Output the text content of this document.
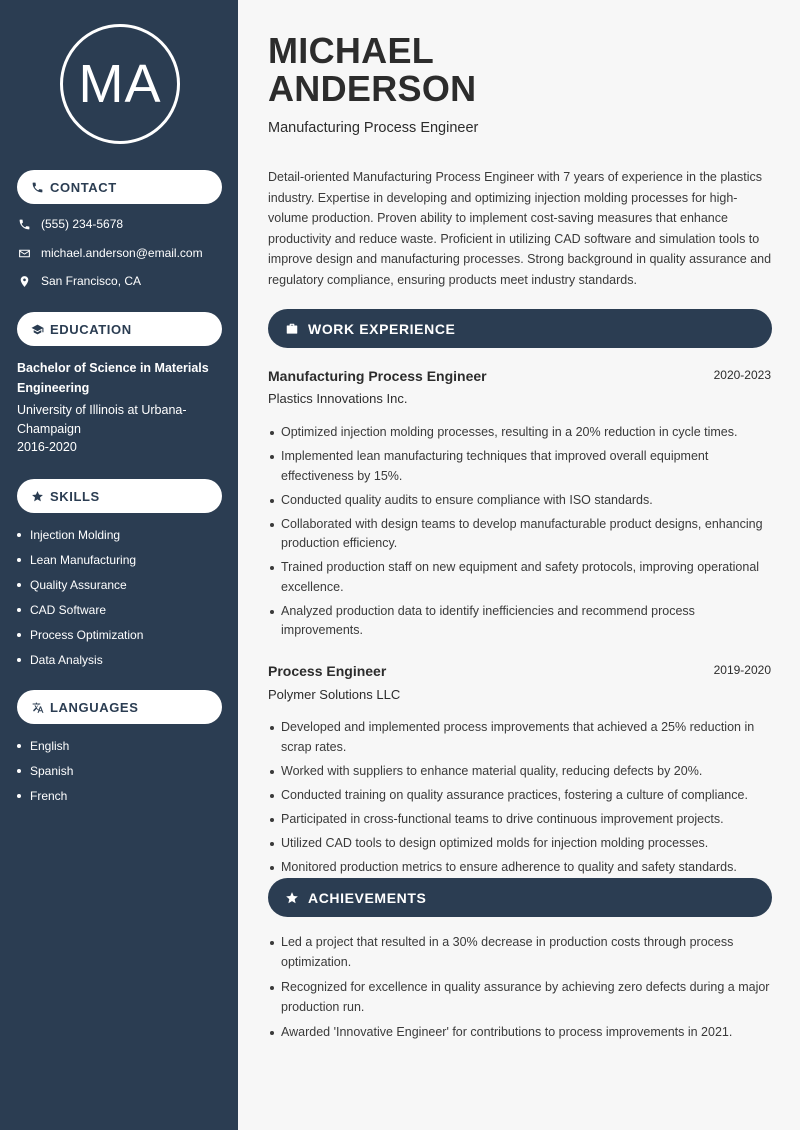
MA
CONTACT
(555) 234-5678
michael.anderson@email.com
San Francisco, CA
EDUCATION
Bachelor of Science in Materials Engineering
University of Illinois at Urbana-Champaign
2016-2020
SKILLS
Injection Molding
Lean Manufacturing
Quality Assurance
CAD Software
Process Optimization
Data Analysis
LANGUAGES
English
Spanish
French
MICHAEL
ANDERSON
Manufacturing Process Engineer

Detail-oriented Manufacturing Process Engineer with 7 years of experience in the plastics industry. Expertise in developing and optimizing injection molding processes for high-volume production. Proven ability to implement cost-saving measures that enhance productivity and reduce waste. Proficient in utilizing CAD software and simulation tools to improve design and manufacturing processes. Strong background in quality assurance and regulatory compliance, ensuring products meet industry standards.

WORK EXPERIENCE
Manufacturing Process Engineer	2020-2023
Plastics Innovations Inc.
Optimized injection molding processes, resulting in a 20% reduction in cycle times.
Implemented lean manufacturing techniques that improved overall equipment effectiveness by 15%.
Conducted quality audits to ensure compliance with ISO standards.
Collaborated with design teams to develop manufacturable product designs, enhancing production efficiency.
Trained production staff on new equipment and safety protocols, improving operational excellence.
Analyzed production data to identify inefficiencies and recommend process improvements.
Process Engineer	2019-2020
Polymer Solutions LLC
Developed and implemented process improvements that achieved a 25% reduction in scrap rates.
Worked with suppliers to enhance material quality, reducing defects by 20%.
Conducted training on quality assurance practices, fostering a culture of compliance.
Participated in cross-functional teams to drive continuous improvement projects.
Utilized CAD tools to design optimized molds for injection molding processes.
Monitored production metrics to ensure adherence to quality and safety standards.
ACHIEVEMENTS
Led a project that resulted in a 30% decrease in production costs through process optimization.
Recognized for excellence in quality assurance by achieving zero defects during a major production run.
Awarded 'Innovative Engineer' for contributions to process improvements in 2021.
